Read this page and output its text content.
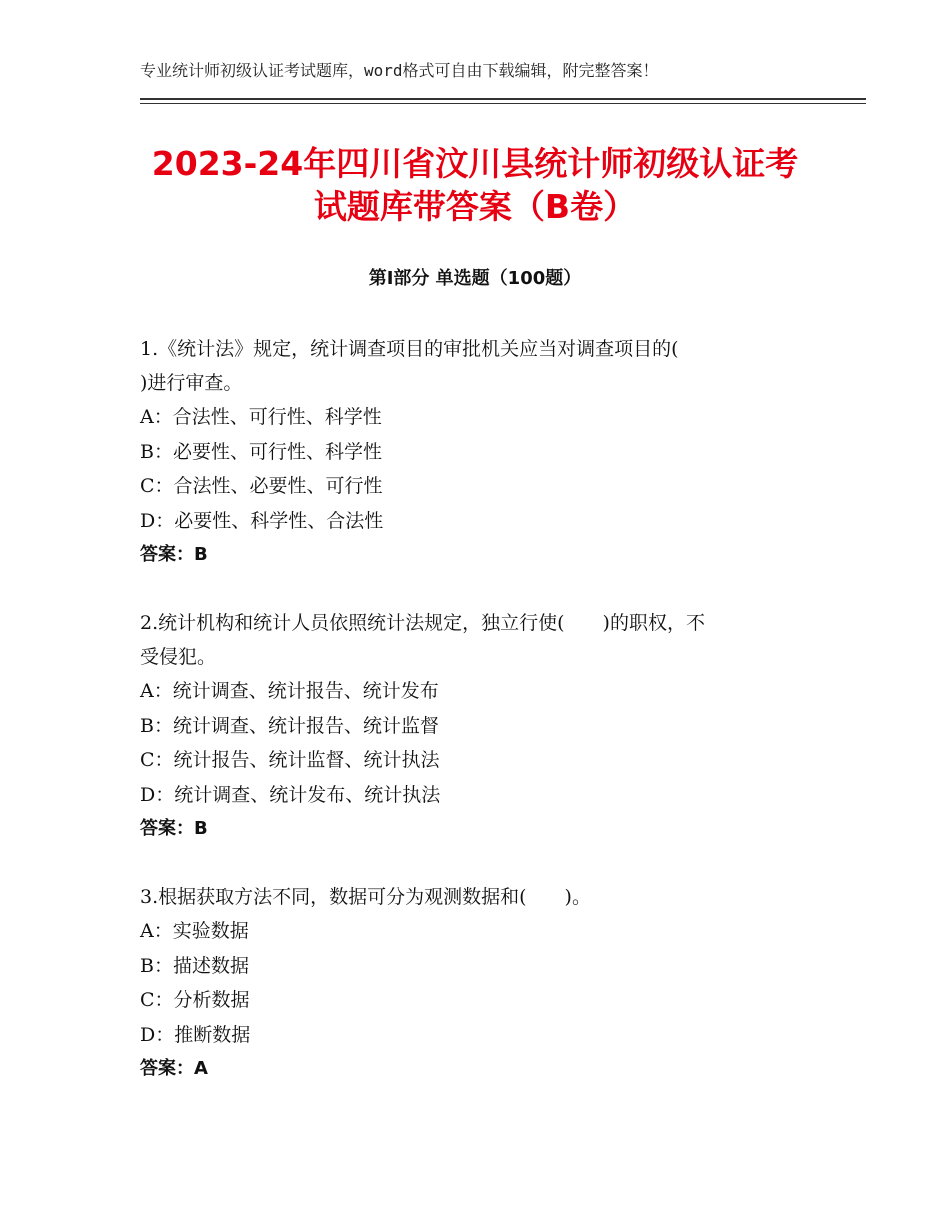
专业统计师初级认证考试题库，word格式可自由下载编辑，附完整答案！
2023-24年四川省汶川县统计师初级认证考
试题库带答案（B卷）
第Ⅰ部分 单选题（100题）

1.《统计法》规定，统计调查项目的审批机关应当对调查项目的(
)进行审查。

A：合法性、可行性、科学性

B：必要性、可行性、科学性

C：合法性、必要性、可行性

D：必要性、科学性、合法性

答案：B

2.统计机构和统计人员依照统计法规定，独立行使(　　)的职权，不
受侵犯。

A：统计调查、统计报告、统计发布

B：统计调查、统计报告、统计监督

C：统计报告、统计监督、统计执法

D：统计调查、统计发布、统计执法

答案：B

3.根据获取方法不同，数据可分为观测数据和(　　)。

A：实验数据

B：描述数据

C：分析数据

D：推断数据

答案：A
